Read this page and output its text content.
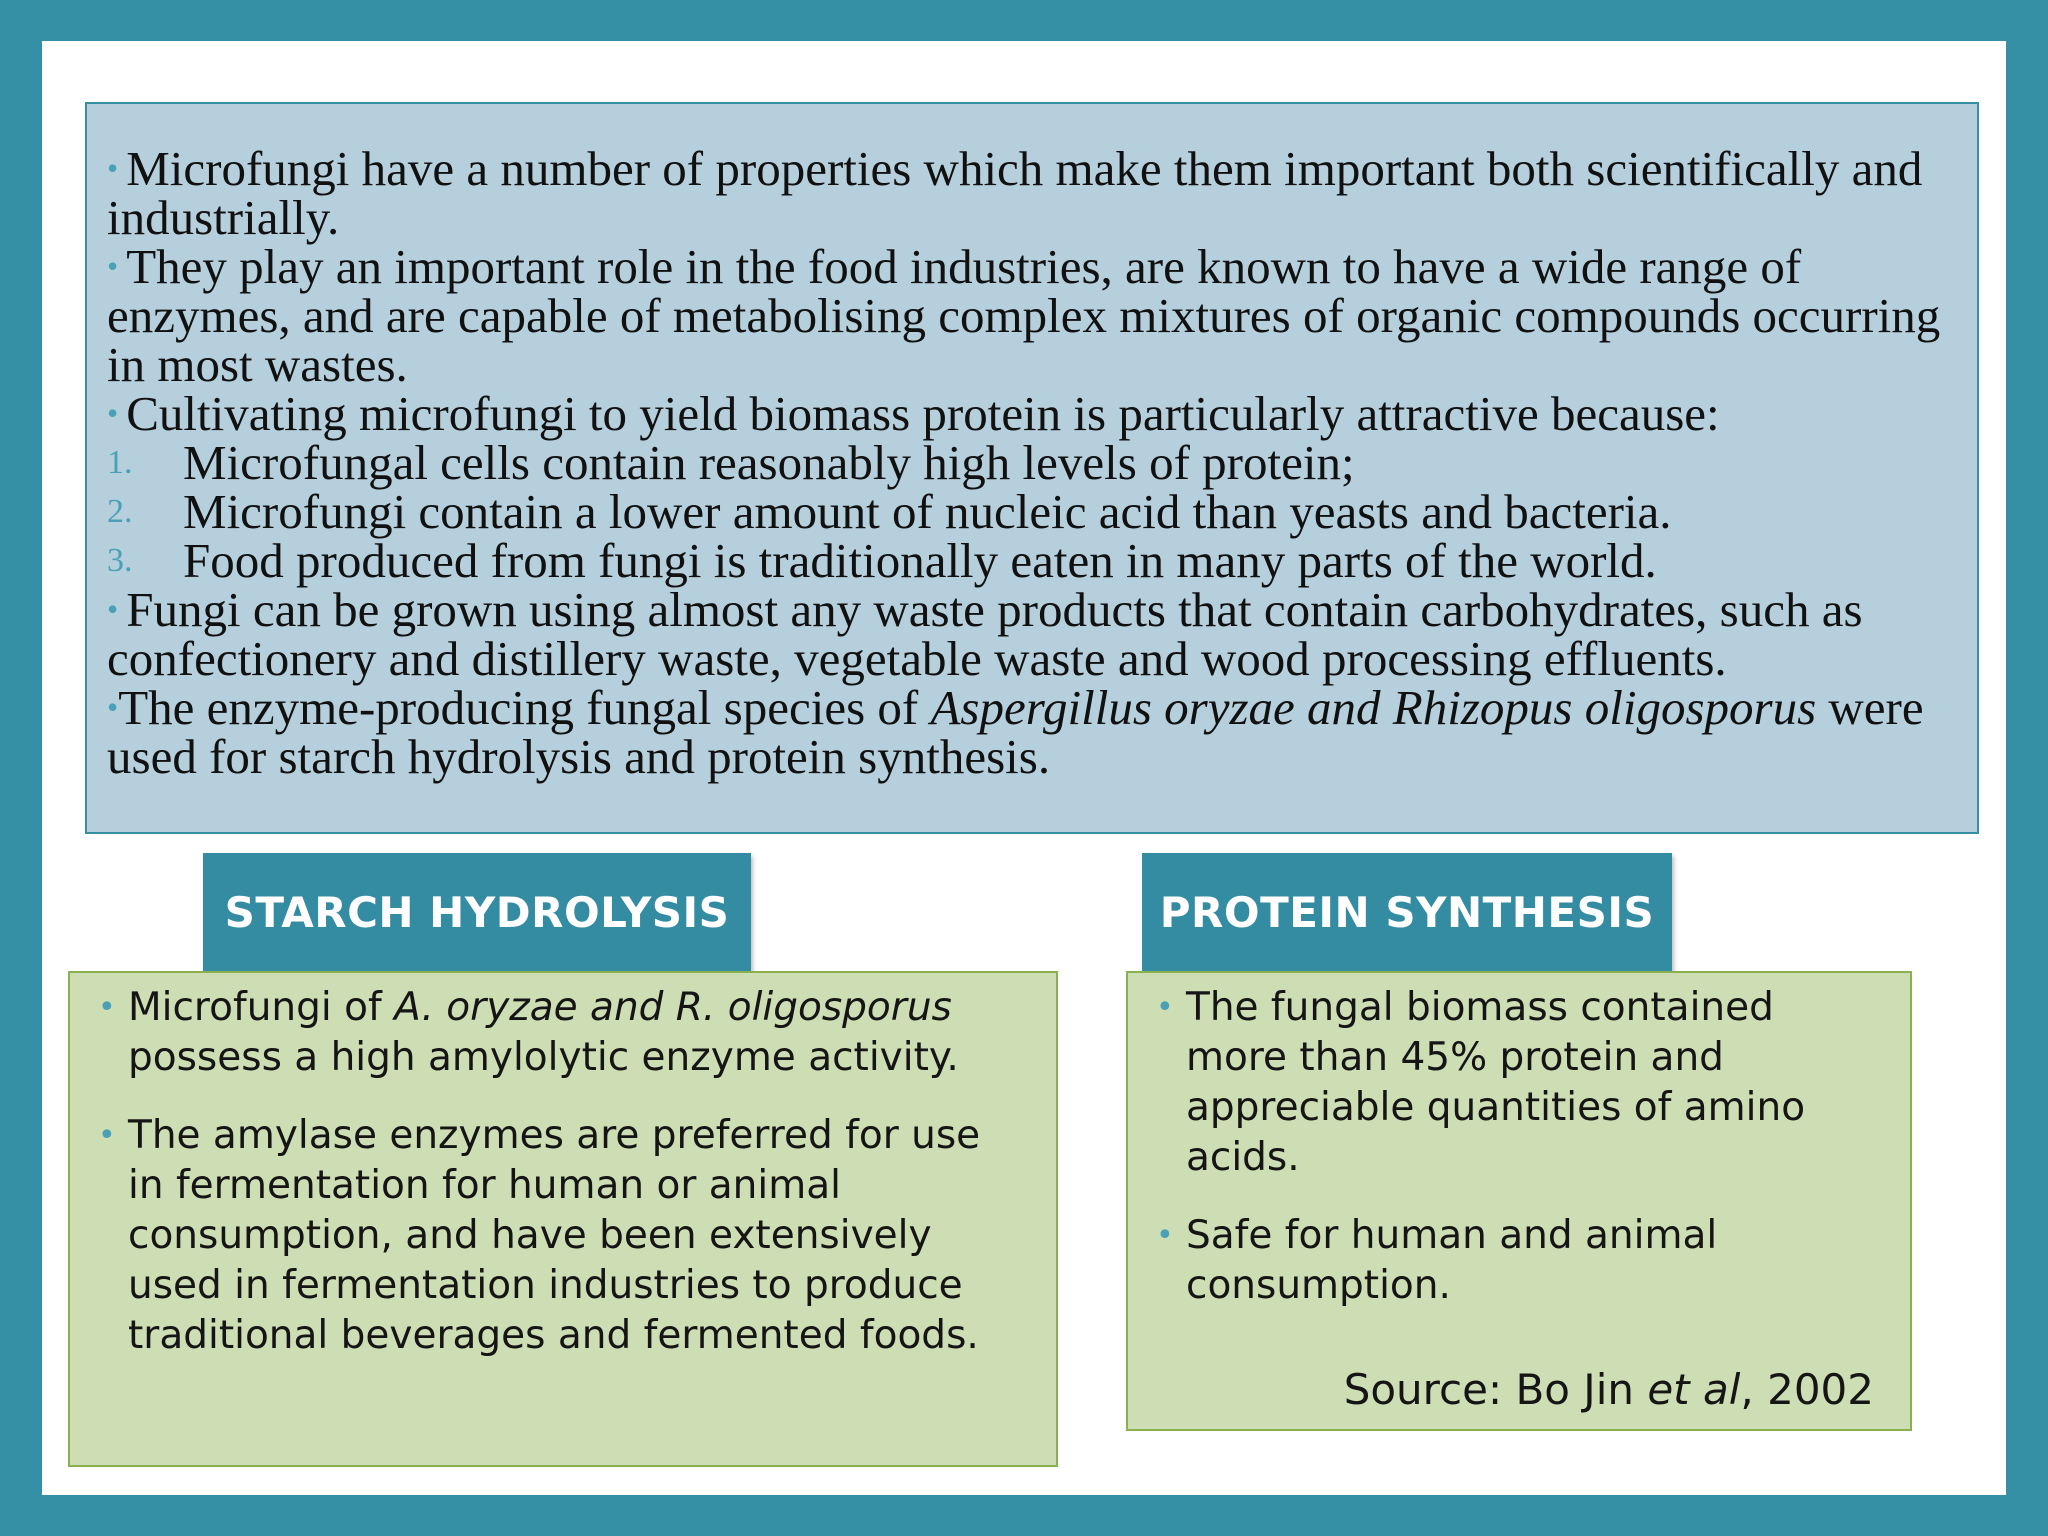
• Microfungi have a number of properties which make them important both scientifically and industrially.

• They play an important role in the food industries, are known to have a wide range of enzymes, and are capable of metabolising complex mixtures of organic compounds occurring in most wastes.

• Cultivating microfungi to yield biomass protein is particularly attractive because:

1.	Microfungal cells contain reasonably high levels of protein;

2.	Microfungi contain a lower amount of nucleic acid than yeasts and bacteria.

3.	Food produced from fungi is traditionally eaten in many parts of the world.

• Fungi can be grown using almost any waste products that contain carbohydrates, such as confectionery and distillery waste, vegetable waste and wood processing effluents.

•The enzyme-producing fungal species of Aspergillus oryzae and Rhizopus oligosporus were used for starch hydrolysis and protein synthesis.

STARCH HYDROLYSIS	PROTEIN SYNTHESIS
• Microfungi of A. oryzae and R. oligosporus possess a high amylolytic enzyme activity.
• The amylase enzymes are preferred for use in fermentation for human or animal consumption, and have been extensively used in fermentation industries to produce traditional beverages and fermented foods.
• The fungal biomass contained more than 45% protein and appreciable quantities of amino acids.
• Safe for human and animal consumption.
Source: Bo Jin et al, 2002
